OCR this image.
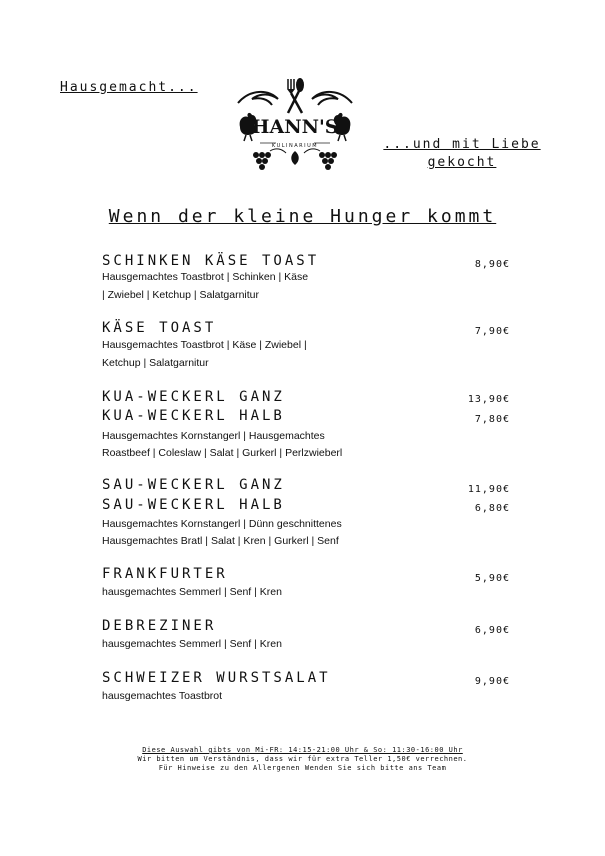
Hausgemacht...
HANN'S
KULINARIUM	...und mit Liebe
gekocht
Wenn der kleine Hunger kommt
SCHINKEN KÄSE TOAST	8,90€
Hausgemachtes Toastbrot | Schinken | Käse
| Zwiebel | Ketchup | Salatgarnitur
KÄSE TOAST	7,90€
Hausgemachtes Toastbrot | Käse | Zwiebel |
Ketchup | Salatgarnitur
KUA-WECKERL GANZ	13,90€
KUA-WECKERL HALB	7,80€
Hausgemachtes Kornstangerl | Hausgemachtes
Roastbeef | Coleslaw | Salat | Gurkerl | Perlzwieberl
SAU-WECKERL GANZ	11,90€
SAU-WECKERL HALB	6,80€
Hausgemachtes Kornstangerl | Dünn geschnittenes
Hausgemachtes Bratl | Salat | Kren | Gurkerl | Senf
FRANKFURTER	5,90€
hausgemachtes Semmerl | Senf | Kren
DEBREZINER	6,90€
hausgemachtes Semmerl | Senf | Kren
SCHWEIZER WURSTSALAT	9,90€
hausgemachtes Toastbrot
Diese Auswahl gibts von Mi-FR: 14:15-21:00 Uhr & So: 11:30-16:00 Uhr
Wir bitten um Verständnis, dass wir für extra Teller 1,50€ verrechnen.
Für Hinweise zu den Allergenen Wenden Sie sich bitte ans Team
